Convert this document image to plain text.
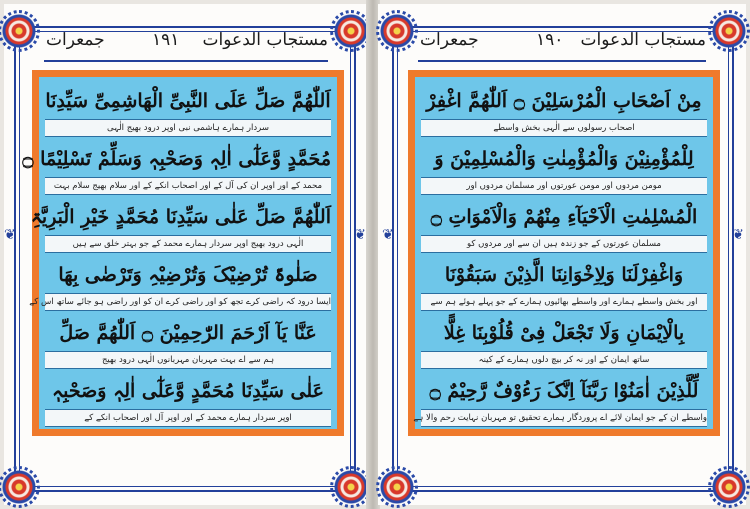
❦	❦
جمعرات	۱۹۱ مستجاب الدعوات
اَللّٰھُمَّ صَلِّ عَلَى النَّبِیِّ الْھَاشِمِیِّ سَیِّدِنَا
سردار ہمارے ہاشمی نبی اوپر درود بھیج الٰہی
مُحَمَّدٍ وَّعَلٰٓی اٰلِہٖ وَصَحْبِہٖ وَسَلِّمْ تَسْلِیْمًا ۝
محمد کے اور اوپر ان کی آل کے اور اصحاب انکے کے اور سلام بھیج سلام بہت
اَللّٰھُمَّ صَلِّ عَلٰی سَیِّدِنَا مُحَمَّدٍ خَیْرِ الْبَرِیَّۃِ
الٰہی درود بھیج اوپر سردار ہمارے محمد کے جو بہتر خلق سے ہیں
صَلٰوۃً تُرْضِیْکَ وَتُرْضِیْہِ وَتَرْضٰی بِھَا
ایسا درود کہ راضی کرے تجھ کو اور راضی کرے ان کو اور راضی ہو جائے ساتھ اس کے
عَنَّا یَآ اَرْحَمَ الرّٰحِمِیْنَ ۝ اَللّٰھُمَّ صَلِّ
ہم سے اے بہت مہربان مہربانوں الٰہی درود بھیج
عَلٰی سَیِّدِنَا مُحَمَّدٍ وَّعَلٰٓی اٰلِہٖ وَصَحْبِہٖ
اوپر سردار ہمارے محمد کے اور اوپر آل اور اصحاب انکے کے
❦	❦
جمعرات	۱۹۰ مستجاب الدعوات
مِنْ اَصْحَابِ الْمُرْسَلِیْنَ ۝ اَللّٰھُمَّ اغْفِرْ
اصحاب رسولوں سے الٰہی بخش واسطے
لِلْمُؤْمِنِیْنَ وَالْمُؤْمِنٰتِ وَالْمُسْلِمِیْنَ وَ
مومن مردوں اور مومن عورتوں اور مسلمان مردوں اور
الْمُسْلِمٰتِ الْاَحْیَآءِ مِنْھُمْ وَالْاَمْوَاتِ ۝
مسلمان عورتوں کے جو زندہ ہیں ان سے اور مردوں کو
وَاغْفِرْلَنَا وَلِاِخْوَانِنَا الَّذِیْنَ سَبَقُوْنَا
اور بخش واسطے ہمارے اور واسطے بھائیوں ہمارے کے جو پہلے ہوئے ہم سے
بِالْاِیْمَانِ وَلَا تَجْعَلْ فِیْ قُلُوْبِنَا غِلًّا
ساتھ ایمان کے اور نہ کر بیچ دلوں ہمارے کے کینہ
لِّلَّذِیْنَ اٰمَنُوْا رَبَّنَآ اِنَّکَ رَءُوْفٌ رَّحِیْمٌ ۝
واسطے ان کے جو ایمان لائے اے پروردگار ہمارے تحقیق تو مہربان نہایت رحم والا ہے
